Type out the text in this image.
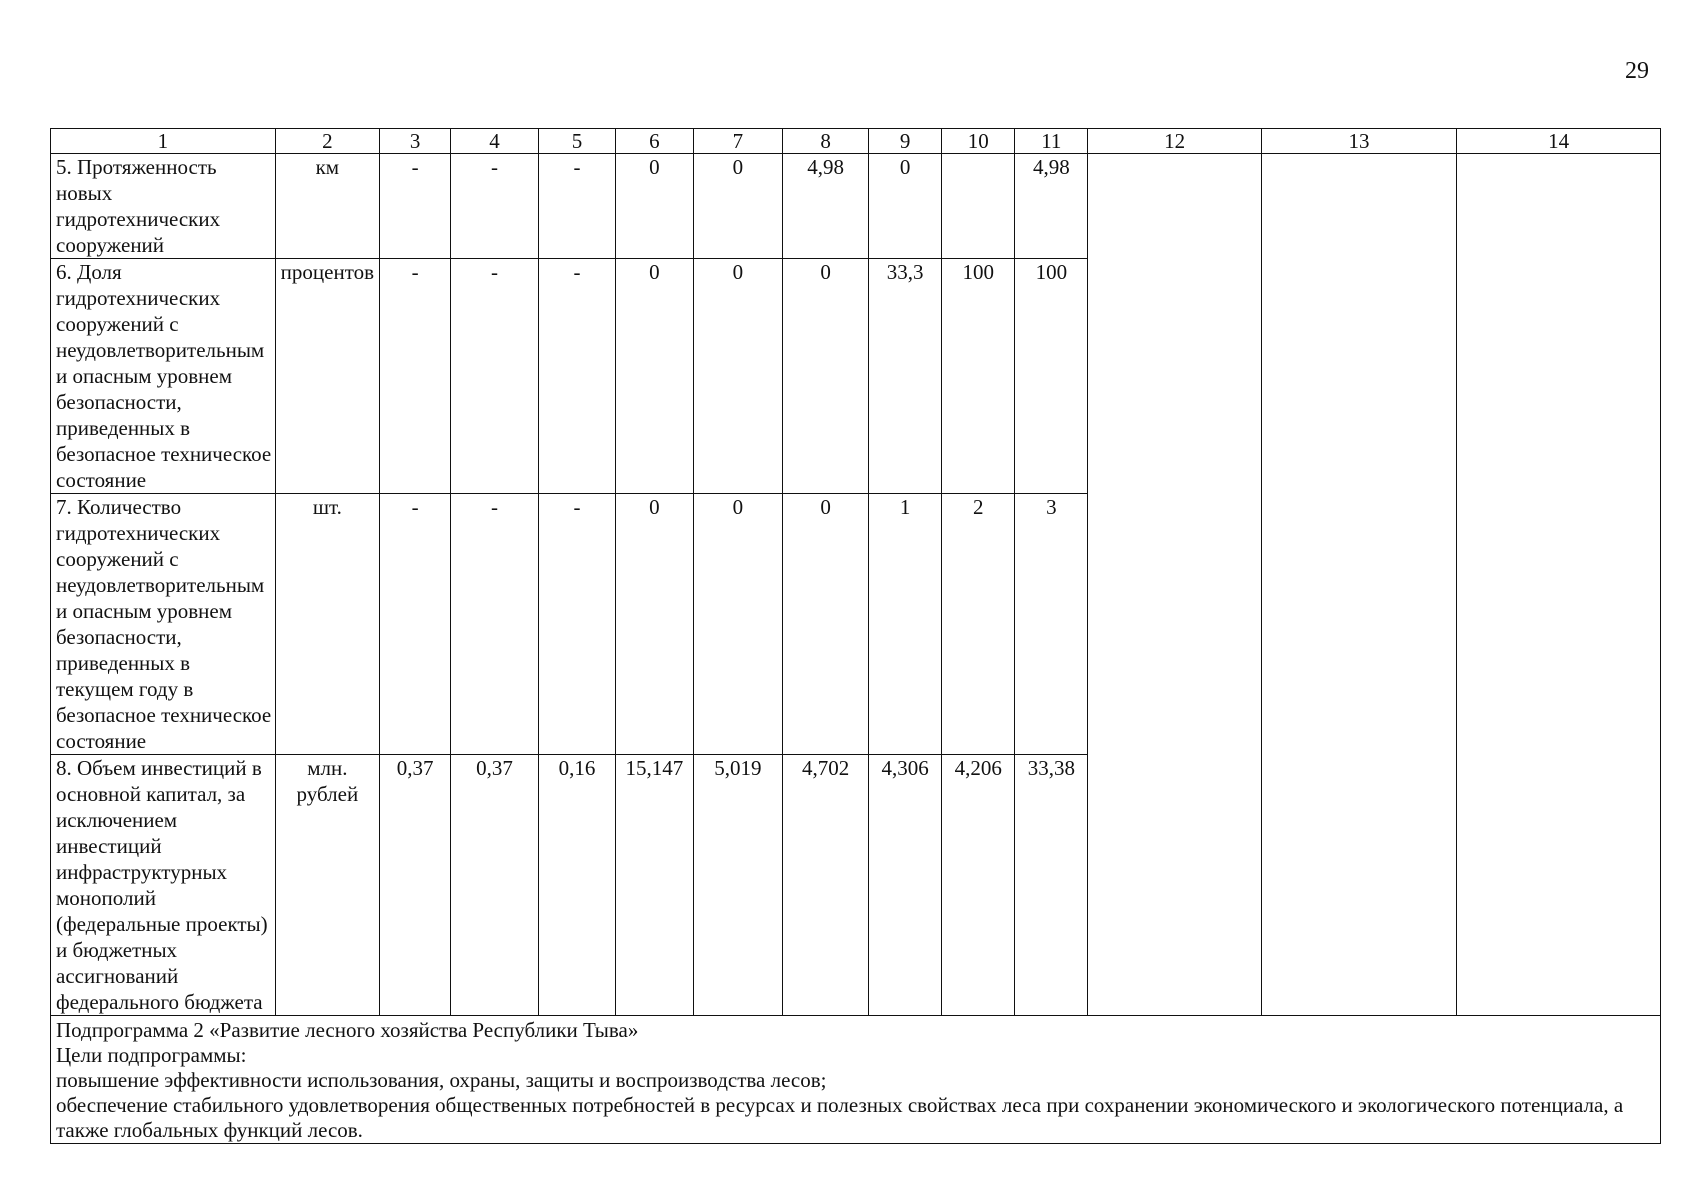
29
1	2	3	4	5	6	7	8	9	10	11	12	13	14
5. Протяженность новых гидротехнических сооружений	км	-	-	-	0	0	4,98	0		4,98			
6. Доля гидротехнических сооружений с неудовлетворительным и опасным уровнем безопасности, приведенных в безопасное техническое состояние	процентов	-	-	-	0	0	0	33,3	100	100			
7. Количество гидротехнических сооружений с неудовлетворительным и опасным уровнем безопасности, приведенных в текущем году в безопасное техническое состояние	шт.	-	-	-	0	0	0	1	2	3			
8. Объем инвестиций в основной капитал, за исключением инвестиций инфраструктурных монополий (федеральные проекты) и бюджетных ассигнований федерального бюджета	млн. рублей	0,37	0,37	0,16	15,147	5,019	4,702	4,306	4,206	33,38			

Подпрограмма 2 «Развитие лесного хозяйства Республики Тыва»
Цели подпрограммы:
повышение эффективности использования, охраны, защиты и воспроизводства лесов;
обеспечение стабильного удовлетворения общественных потребностей в ресурсах и полезных свойствах леса при сохранении экономического и экологического потенциала, а также глобальных функций лесов.													
